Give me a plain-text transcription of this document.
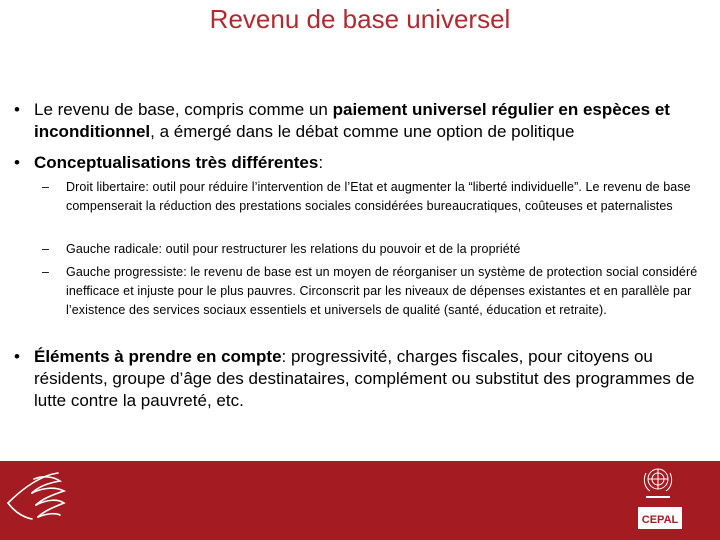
Revenu de base universel
• Le revenu de base, compris comme un paiement universel régulier en espèces et inconditionnel, a émergé dans le débat comme une option de politique
• Conceptualisations très différentes:
– Droit libertaire: outil pour réduire l’intervention de l’Etat et augmenter la “liberté individuelle”. Le revenu de base compenserait la réduction des prestations sociales considérées bureaucratiques, coûteuses et paternalistes
– Gauche radicale: outil pour restructurer les relations du pouvoir et de la propriété
– Gauche progressiste: le revenu de base est un moyen de réorganiser un système de protection social considéré inefficace et injuste pour le plus pauvres. Circonscrit par les niveaux de dépenses existantes et en parallèle par l’existence des services sociaux essentiels et universels de qualité (santé, éducation et retraite).
• Éléments à prendre en compte: progressivité, charges fiscales, pour citoyens ou résidents, groupe d’âge des destinataires, complément ou substitut des programmes de lutte contre la pauvreté, etc.
CEPAL
